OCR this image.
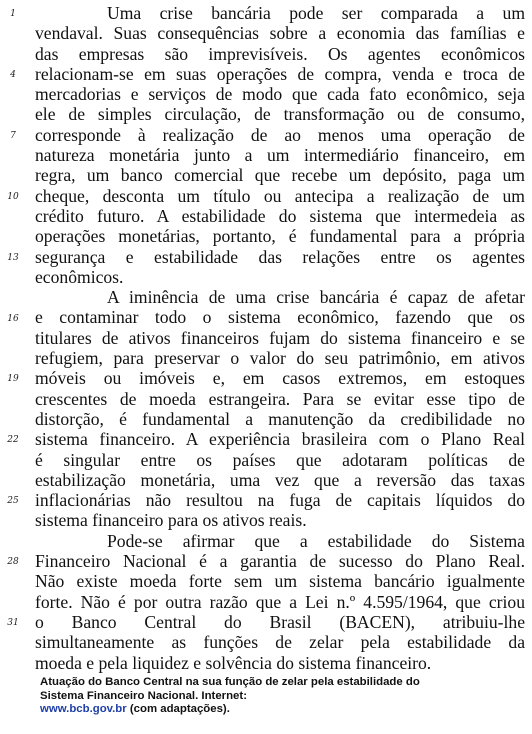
1
4
7
10
13
16
19
22
25
28
31
Uma crise bancária pode ser comparada a um
vendaval. Suas consequências sobre a economia das famílias e
das empresas são imprevisíveis. Os agentes econômicos
relacionam-se em suas operações de compra, venda e troca de
mercadorias e serviços de modo que cada fato econômico, seja
ele de simples circulação, de transformação ou de consumo,
corresponde à realização de ao menos uma operação de
natureza monetária junto a um intermediário financeiro, em
regra, um banco comercial que recebe um depósito, paga um
cheque, desconta um título ou antecipa a realização de um
crédito futuro. A estabilidade do sistema que intermedeia as
operações monetárias, portanto, é fundamental para a própria
segurança e estabilidade das relações entre os agentes
econômicos.
A iminência de uma crise bancária é capaz de afetar
e contaminar todo o sistema econômico, fazendo que os
titulares de ativos financeiros fujam do sistema financeiro e se
refugiem, para preservar o valor do seu patrimônio, em ativos
móveis ou imóveis e, em casos extremos, em estoques
crescentes de moeda estrangeira. Para se evitar esse tipo de
distorção, é fundamental a manutenção da credibilidade no
sistema financeiro. A experiência brasileira com o Plano Real
é singular entre os países que adotaram políticas de
estabilização monetária, uma vez que a reversão das taxas
inflacionárias não resultou na fuga de capitais líquidos do
sistema financeiro para os ativos reais.
Pode-se afirmar que a estabilidade do Sistema
Financeiro Nacional é a garantia de sucesso do Plano Real.
Não existe moeda forte sem um sistema bancário igualmente
forte. Não é por outra razão que a Lei n.º 4.595/1964, que criou
o Banco Central do Brasil (BACEN), atribuiu-lhe
simultaneamente as funções de zelar pela estabilidade da
moeda e pela liquidez e solvência do sistema financeiro.
Atuação do Banco Central na sua função de zelar pela estabilidade do
Sistema Financeiro Nacional. Internet:
www.bcb.gov.br (com adaptações).
